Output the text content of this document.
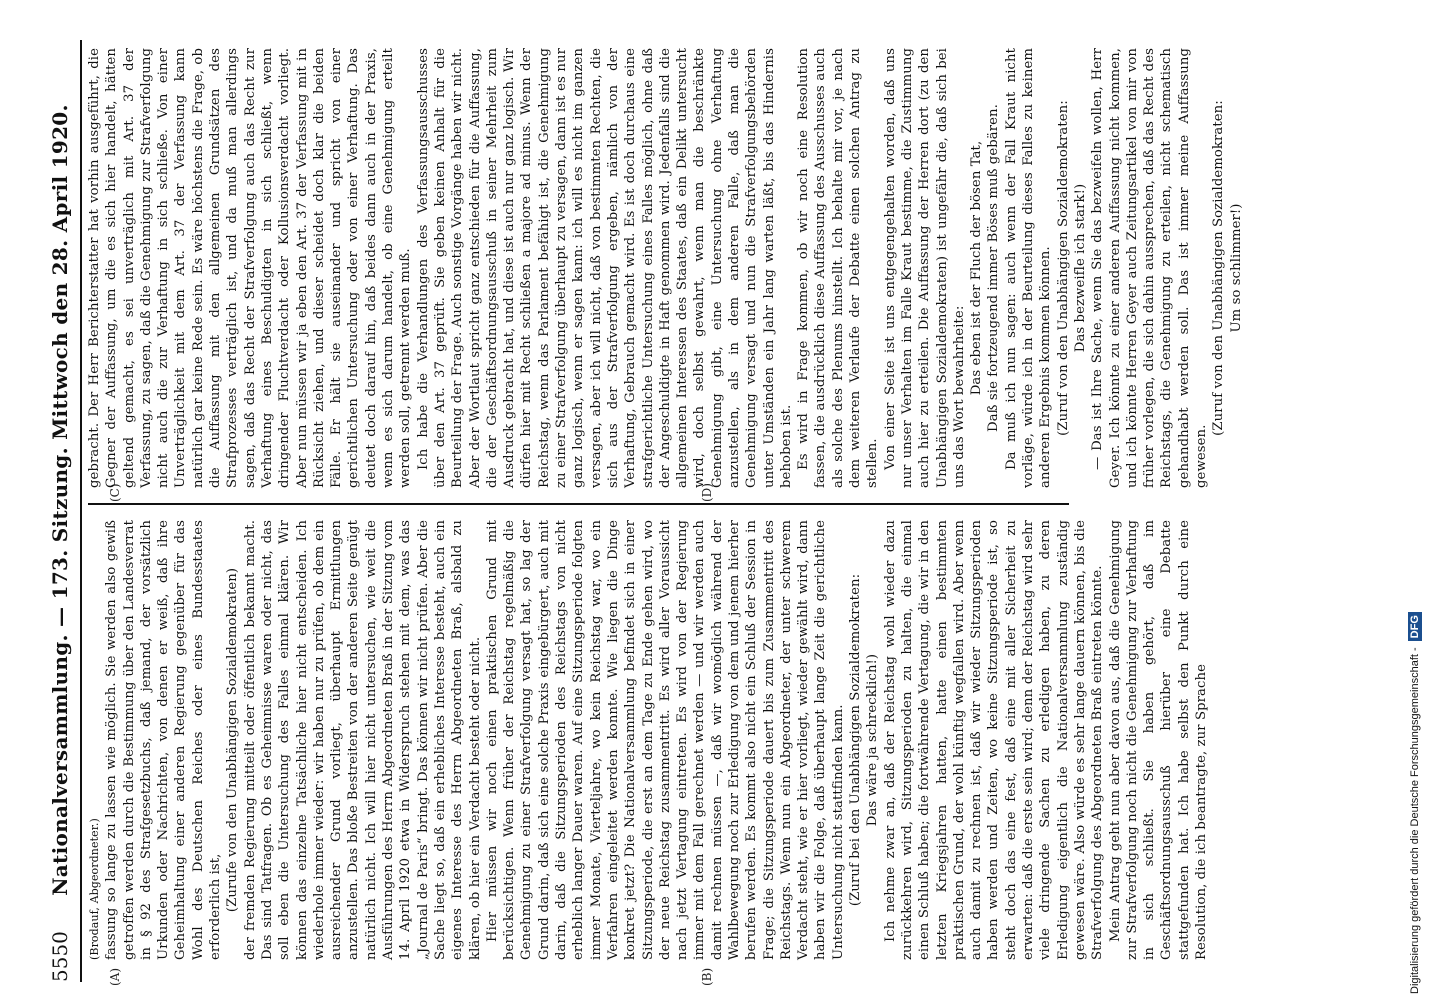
5550
Nationalversammlung. — 173. Sitzung. Mittwoch den 28. April 1920.
(A)	(B)
(C)	(D)

(Brodauf, Abgeordneter.) fassung so lange zu lassen wie möglich. Sie werden also gewiß getroffen werden durch die Bestimmung über den Landesverrat in § 92 des Strafgesetzbuchs, daß jemand, der vorsätzlich Urkunden oder Nachrichten, von denen er weiß, daß ihre Geheimhaltung einer anderen Regierung gegenüber für das Wohl des Deutschen Reiches oder eines Bundesstaates erforderlich ist, (Zurufe von den Unabhängigen Sozialdemokraten) der fremden Regierung mitteilt oder öffentlich bekannt macht. Das sind Tatfragen. Ob es Geheimnisse waren oder nicht, das soll eben die Untersuchung des Falles einmal klären. Wir können das einzelne Tatsächliche hier nicht entscheiden. Ich wiederhole immer wieder: wir haben nur zu prüfen, ob dem ein ausreichender Grund vorliegt, überhaupt Ermittlungen anzustellen. Das bloße Bestreiten von der anderen Seite genügt natürlich nicht. Ich will hier nicht untersuchen, wie weit die Ausführungen des Herrn Abgeordneten Braß in der Sitzung vom 14. April 1920 etwa in Widerspruch stehen mit dem, was das „Journal de Paris“ bringt. Das können wir nicht prüfen. Aber die Sache liegt so, daß ein erhebliches Interesse besteht, auch ein eigenes Interesse des Herrn Abgeordneten Braß, alsbald zu klären, ob hier ein Verdacht besteht oder nicht. Hier müssen wir noch einen praktischen Grund mit berücksichtigen. Wenn früher der Reichstag regelmäßig die Genehmigung zu einer Strafverfolgung versagt hat, so lag der Grund darin, daß sich eine solche Praxis eingebürgert, auch mit darin, daß die Sitzungsperioden des Reichstags von nicht erheblich langer Dauer waren. Auf eine Sitzungsperiode folgten immer Monate, Vierteljahre, wo kein Reichstag war, wo ein Verfahren eingeleitet werden konnte. Wie liegen die Dinge konkret jetzt? Die Nationalversammlung befindet sich in einer Sitzungsperiode, die erst an dem Tage zu Ende gehen wird, wo der neue Reichstag zusammentritt. Es wird aller Voraussicht nach jetzt Vertagung eintreten. Es wird von der Regierung immer mit dem Fall gerechnet werden — und wir werden auch damit rechnen müssen —, daß wir womöglich während der Wahlbewegung noch zur Erledigung von dem und jenem hierher berufen werden. Es kommt also nicht ein Schluß der Session in Frage; die Sitzungsperiode dauert bis zum Zusammentritt des Reichstags. Wenn nun ein Abgeordneter, der unter schwerem Verdacht steht, wie er hier vorliegt, wieder gewählt wird, dann haben wir die Folge, daß überhaupt lange Zeit die gerichtliche Untersuchung nicht stattfinden kann. (Zuruf bei den Unabhängigen Sozialdemokraten: Das wäre ja schrecklich!) Ich nehme zwar an, daß der Reichstag wohl wieder dazu zurückkehren wird, Sitzungsperioden zu halten, die einmal einen Schluß haben; die fortwährende Vertagung, die wir in den letzten Kriegsjahren hatten, hatte einen bestimmten praktischen Grund, der wohl künftig wegfallen wird. Aber wenn auch damit zu rechnen ist, daß wir wieder Sitzungsperioden haben werden und Zeiten, wo keine Sitzungsperiode ist, so steht doch das eine fest, daß eine mit aller Sicherheit zu erwarten: daß die erste sein wird; denn der Reichstag wird sehr viele dringende Sachen zu erledigen haben, zu deren Erledigung eigentlich die Nationalversammlung zuständig gewesen wäre. Also würde es sehr lange dauern können, bis die Strafverfolgung des Abgeordneten Braß eintreten könnte. Mein Antrag geht nun aber davon aus, daß die Genehmigung zur Strafverfolgung noch nicht die Genehmigung zur Verhaftung in sich schließt. Sie haben gehört, daß im Geschäftsordnungsausschuß hierüber eine Debatte stattgefunden hat. Ich habe selbst den Punkt durch eine Resolution, die ich beantragte, zur Sprache

gebracht. Der Herr Berichterstatter hat vorhin ausgeführt, die Gegner der Auffassung, um die es sich hier handelt, hätten geltend gemacht, es sei unverträglich mit Art. 37 der Verfassung, zu sagen, daß die Genehmigung zur Strafverfolgung nicht auch die zur Verhaftung in sich schließe. Von einer Unverträglichkeit mit dem Art. 37 der Verfassung kann natürlich gar keine Rede sein. Es wäre höchstens die Frage, ob die Auffassung mit den allgemeinen Grundsätzen des Strafprozesses verträglich ist, und da muß man allerdings sagen, daß das Recht der Strafverfolgung auch das Recht zur Verhaftung eines Beschuldigten in sich schließt, wenn dringender Fluchtverdacht oder Kollusionsverdacht vorliegt. Aber nun müssen wir ja eben den Art. 37 der Verfassung mit in Rücksicht ziehen, und dieser scheidet doch klar die beiden Fälle. Er hält sie auseinander und spricht von einer gerichtlichen Untersuchung oder von einer Verhaftung. Das deutet doch darauf hin, daß beides dann auch in der Praxis, wenn es sich darum handelt, ob eine Genehmigung erteilt werden soll, getrennt werden muß. Ich habe die Verhandlungen des Verfassungsausschusses über den Art. 37 geprüft. Sie geben keinen Anhalt für die Beurteilung der Frage. Auch sonstige Vorgänge haben wir nicht. Aber der Wortlaut spricht ganz entschieden für die Auffassung, die der Geschäftsordnungsausschuß in seiner Mehrheit zum Ausdruck gebracht hat, und diese ist auch nur ganz logisch. Wir dürfen hier mit Recht schließen a majore ad minus. Wenn der Reichstag, wenn das Parlament befähigt ist, die Genehmigung zu einer Strafverfolgung überhaupt zu versagen, dann ist es nur ganz logisch, wenn er sagen kann: ich will es nicht im ganzen versagen, aber ich will nicht, daß von bestimmten Rechten, die sich aus der Strafverfolgung ergeben, nämlich von der Verhaftung, Gebrauch gemacht wird. Es ist doch durchaus eine strafgerichtliche Untersuchung eines Falles möglich, ohne daß der Angeschuldigte in Haft genommen wird. Jedenfalls sind die allgemeinen Interessen des Staates, daß ein Delikt untersucht wird, doch selbst gewahrt, wenn man die beschränkte Genehmigung gibt, eine Untersuchung ohne Verhaftung anzustellen, als in dem anderen Falle, daß man die Genehmigung versagt und nun die Strafverfolgungsbehörden unter Umständen ein Jahr lang warten läßt, bis das Hindernis behoben ist. Es wird in Frage kommen, ob wir noch eine Resolution fassen, die ausdrücklich diese Auffassung des Ausschusses auch als solche des Plenums hinstellt. Ich behalte mir vor, je nach dem weiteren Verlaufe der Debatte einen solchen Antrag zu stellen. Von einer Seite ist uns entgegengehalten worden, daß uns nur unser Verhalten im Falle Kraut bestimme, die Zustimmung auch hier zu erteilen. Die Auffassung der Herren dort (zu den Unabhängigen Sozialdemokraten) ist ungefähr die, daß sich bei uns das Wort bewahrheite:

Das eben ist der Fluch der bösen Tat, Daß sie fortzeugend immer Böses muß gebären. Da muß ich nun sagen: auch wenn der Fall Kraut nicht vorläge, würde ich in der Beurteilung dieses Falles zu keinem anderen Ergebnis kommen können. (Zuruf von den Unabhängigen Sozialdemokraten: Das bezweifle ich stark!) — Das ist Ihre Sache, wenn Sie das bezweifeln wollen, Herr Geyer. Ich könnte zu einer anderen Auffassung nicht kommen, und ich könnte Herren Geyer auch Zeitungsartikel von mir von früher vorlegen, die sich dahin aussprechen, daß das Recht des Reichstags, die Genehmigung zu erteilen, nicht schematisch gehandhabt werden soll. Das ist immer meine Auffassung gewesen.

(Zuruf von den Unabhängigen Sozialdemokraten: Um so schlimmer!)

Digitalisierung gefördert durch die Deutsche Forschungsgemeinschaft -DFG
